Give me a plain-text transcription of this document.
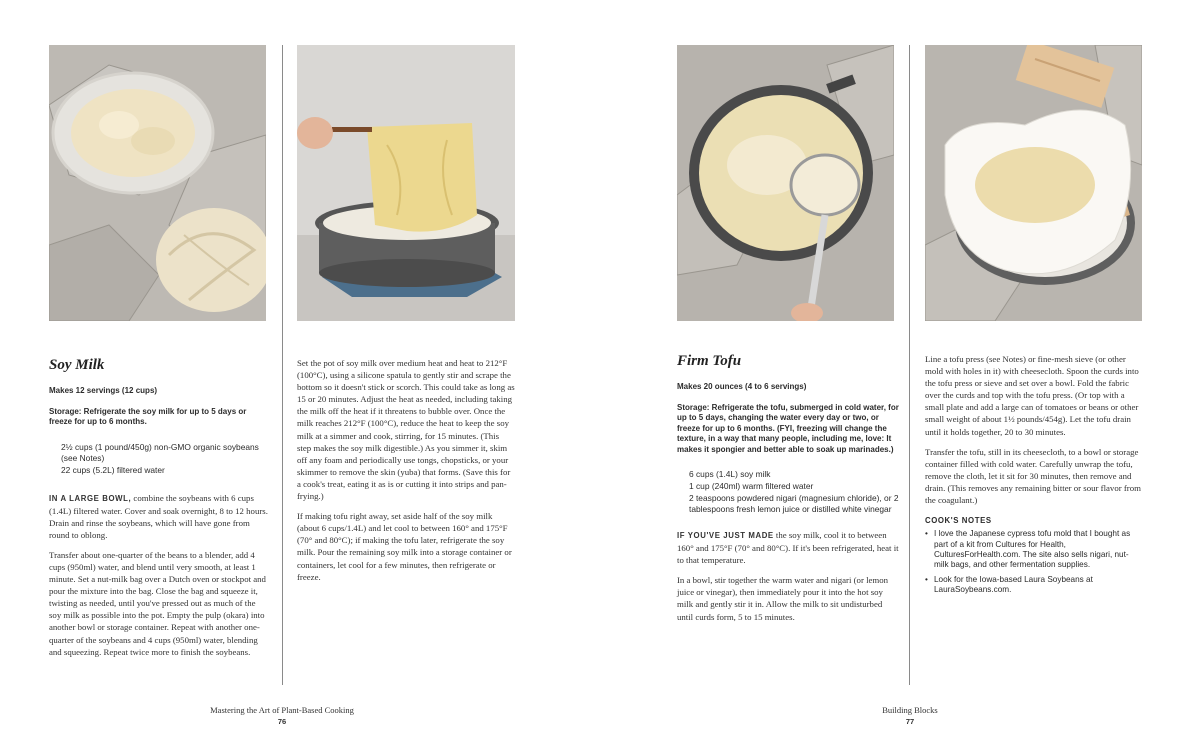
Soy Milk

Makes 12 servings (12 cups)

Storage: Refrigerate the soy milk for up to 5 days or freeze for up to 6 months.

2½ cups (1 pound/450g) non-GMO organic soybeans (see Notes)
22 cups (5.2L) filtered water

IN A LARGE BOWL, combine the soybeans with 6 cups (1.4L) filtered water. Cover and soak overnight, 8 to 12 hours. Drain and rinse the soybeans, which will have gone from round to oblong.

Transfer about one-quarter of the beans to a blender, add 4 cups (950ml) water, and blend until very smooth, at least 1 minute. Set a nut-milk bag over a Dutch oven or stockpot and pour the mixture into the bag. Close the bag and squeeze it, twisting as needed, until you've pressed out as much of the soy milk as possible into the pot. Empty the pulp (okara) into another bowl or storage container. Repeat with another one-quarter of the soybeans and 4 cups (950ml) water, blending and squeezing. Repeat twice more to finish the soybeans.

Set the pot of soy milk over medium heat and heat to 212°F (100°C), using a silicone spatula to gently stir and scrape the bottom so it doesn't stick or scorch. This could take as long as 15 or 20 minutes. Adjust the heat as needed, including taking the milk off the heat if it threatens to bubble over. Once the milk reaches 212°F (100°C), reduce the heat to keep the soy milk at a simmer and cook, stirring, for 15 minutes. (This step makes the soy milk digestible.) As you simmer it, skim off any foam and periodically use tongs, chopsticks, or your skimmer to remove the skin (yuba) that forms. (Save this for a cook's treat, eating it as is or cutting it into strips and pan-frying.)

If making tofu right away, set aside half of the soy milk (about 6 cups/1.4L) and let cool to between 160° and 175°F (70° and 80°C); if making the tofu later, refrigerate the soy milk. Pour the remaining soy milk into a storage container or containers, let cool for a few minutes, then refrigerate or freeze.

Firm Tofu

Makes 20 ounces (4 to 6 servings)

Storage: Refrigerate the tofu, submerged in cold water, for up to 5 days, changing the water every day or two, or freeze for up to 6 months. (FYI, freezing will change the texture, in a way that many people, including me, love: It makes it spongier and better able to soak up marinades.)

6 cups (1.4L) soy milk
1 cup (240ml) warm filtered water
2 teaspoons powdered nigari (magnesium chloride), or 2 tablespoons fresh lemon juice or distilled white vinegar

IF YOU'VE JUST MADE the soy milk, cool it to between 160° and 175°F (70° and 80°C). If it's been refrigerated, heat it to that temperature.

In a bowl, stir together the warm water and nigari (or lemon juice or vinegar), then immediately pour it into the hot soy milk and gently stir it in. Allow the milk to sit undisturbed until curds form, 5 to 15 minutes.

Line a tofu press (see Notes) or fine-mesh sieve (or other mold with holes in it) with cheesecloth. Spoon the curds into the tofu press or sieve and set over a bowl. Fold the fabric over the curds and top with the tofu press. (Or top with a small plate and add a large can of tomatoes or beans or other small weight of about 1½ pounds/454g). Let the tofu drain until it holds together, 20 to 30 minutes.

Transfer the tofu, still in its cheesecloth, to a bowl or storage container filled with cold water. Carefully unwrap the tofu, remove the cloth, let it sit for 30 minutes, then remove and drain. (This removes any remaining bitter or sour flavor from the coagulant.)

COOK'S NOTES
• I love the Japanese cypress tofu mold that I bought as part of a kit from Cultures for Health, CulturesForHealth.com. The site also sells nigari, nut-milk bags, and other fermentation supplies.
• Look for the Iowa-based Laura Soybeans at LauraSoybeans.com.
Mastering the Art of Plant-Based Cooking
76
Building Blocks
77
